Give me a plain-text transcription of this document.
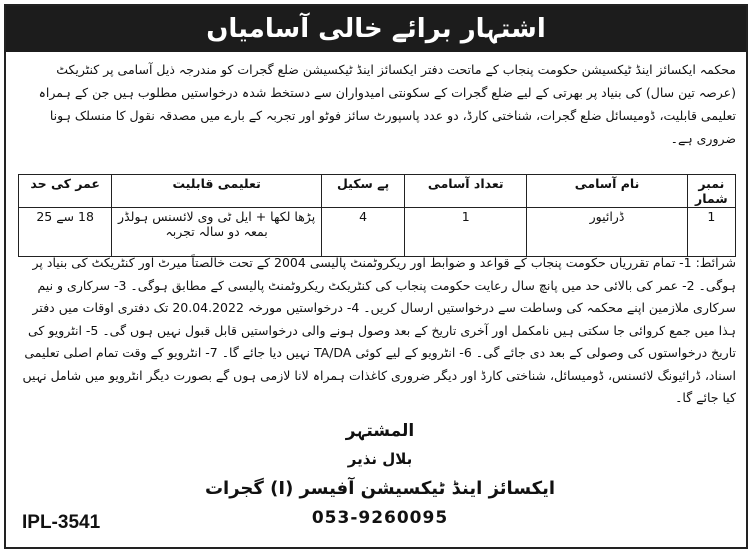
اشتہار برائے خالی آسامیاں
محکمہ ایکسائز اینڈ ٹیکسیشن حکومت پنجاب کے ماتحت دفتر ایکسائز اینڈ ٹیکسیشن ضلع گجرات کو مندرجہ ذیل آسامی پر کنٹریکٹ (عرصہ تین سال) کی بنیاد پر بھرتی کے لیے ضلع گجرات کے سکونتی امیدواران سے دستخط شدہ درخواستیں مطلوب ہیں جن کے ہمراہ تعلیمی قابلیت، ڈومیسائل ضلع گجرات، شناختی کارڈ، دو عدد پاسپورٹ سائز فوٹو اور تجربہ کے بارے میں مصدقہ نقول کا منسلک ہونا ضروری ہے۔
نمبر شمار	نام آسامی	تعداد آسامی	پے سکیل	تعلیمی قابلیت	عمر کی حد
1	ڈرائیور	1	4	پڑھا لکھا + ایل ٹی وی لائسنس ہولڈر بمعہ دو سالہ تجربہ	18 سے 25
شرائط: 1- تمام تقرریاں حکومت پنجاب کے قواعد و ضوابط اور ریکروٹمنٹ پالیسی 2004 کے تحت خالصتاً میرٹ اور کنٹریکٹ کی بنیاد پر ہوگی۔ 2- عمر کی بالائی حد میں پانچ سال رعایت حکومت پنجاب کی کنٹریکٹ ریکروٹمنٹ پالیسی کے مطابق ہوگی۔ 3- سرکاری و نیم سرکاری ملازمین اپنے محکمہ کی وساطت سے درخواستیں ارسال کریں۔ 4- درخواستیں مورخہ 20.04.2022 تک دفتری اوقات میں دفتر ہذا میں جمع کروائی جا سکتی ہیں نامکمل اور آخری تاریخ کے بعد وصول ہونے والی درخواستیں قابل قبول نہیں ہوں گی۔ 5- انٹرویو کی تاریخ درخواستوں کی وصولی کے بعد دی جائے گی۔ 6- انٹرویو کے لیے کوئی TA/DA نہیں دیا جائے گا۔ 7- انٹرویو کے وقت تمام اصلی تعلیمی اسناد، ڈرائیونگ لائسنس، ڈومیسائل، شناختی کارڈ اور دیگر ضروری کاغذات ہمراہ لانا لازمی ہوں گے بصورت دیگر انٹرویو میں شامل نہیں کیا جائے گا۔
المشتہر
بلال نذیر
ایکسائز اینڈ ٹیکسیشن آفیسر (I) گجرات
053-9260095
IPL-3541
